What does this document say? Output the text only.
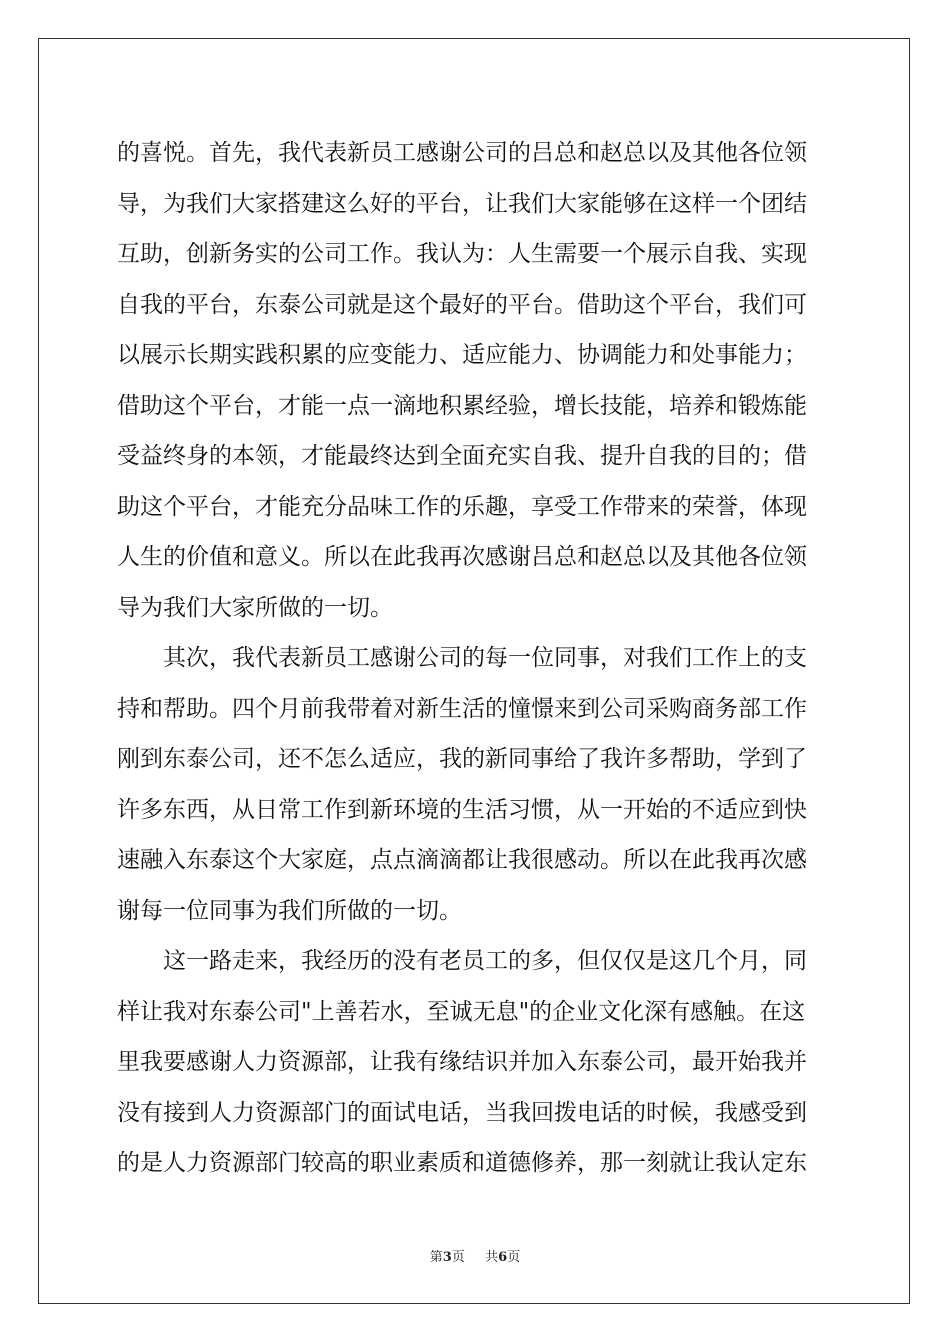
的喜悦。首先，我代表新员工感谢公司的吕总和赵总以及其他各位领
导，为我们大家搭建这么好的平台，让我们大家能够在这样一个团结
互助，创新务实的公司工作。我认为：人生需要一个展示自我、实现
自我的平台，东泰公司就是这个最好的平台。借助这个平台，我们可
以展示长期实践积累的应变能力、适应能力、协调能力和处事能力；
借助这个平台，才能一点一滴地积累经验，增长技能，培养和锻炼能
受益终身的本领，才能最终达到全面充实自我、提升自我的目的；借
助这个平台，才能充分品味工作的乐趣，享受工作带来的荣誉，体现
人生的价值和意义。所以在此我再次感谢吕总和赵总以及其他各位领
导为我们大家所做的一切。
　　其次，我代表新员工感谢公司的每一位同事，对我们工作上的支
持和帮助。四个月前我带着对新生活的憧憬来到公司采购商务部工作
刚到东泰公司，还不怎么适应，我的新同事给了我许多帮助，学到了
许多东西，从日常工作到新环境的生活习惯，从一开始的不适应到快
速融入东泰这个大家庭，点点滴滴都让我很感动。所以在此我再次感
谢每一位同事为我们所做的一切。
　　这一路走来，我经历的没有老员工的多，但仅仅是这几个月，同
样让我对东泰公司"上善若水，至诚无息"的企业文化深有感触。在这
里我要感谢人力资源部，让我有缘结识并加入东泰公司，最开始我并
没有接到人力资源部门的面试电话，当我回拨电话的时候，我感受到
的是人力资源部门较高的职业素质和道德修养，那一刻就让我认定东
第3页 共6页
